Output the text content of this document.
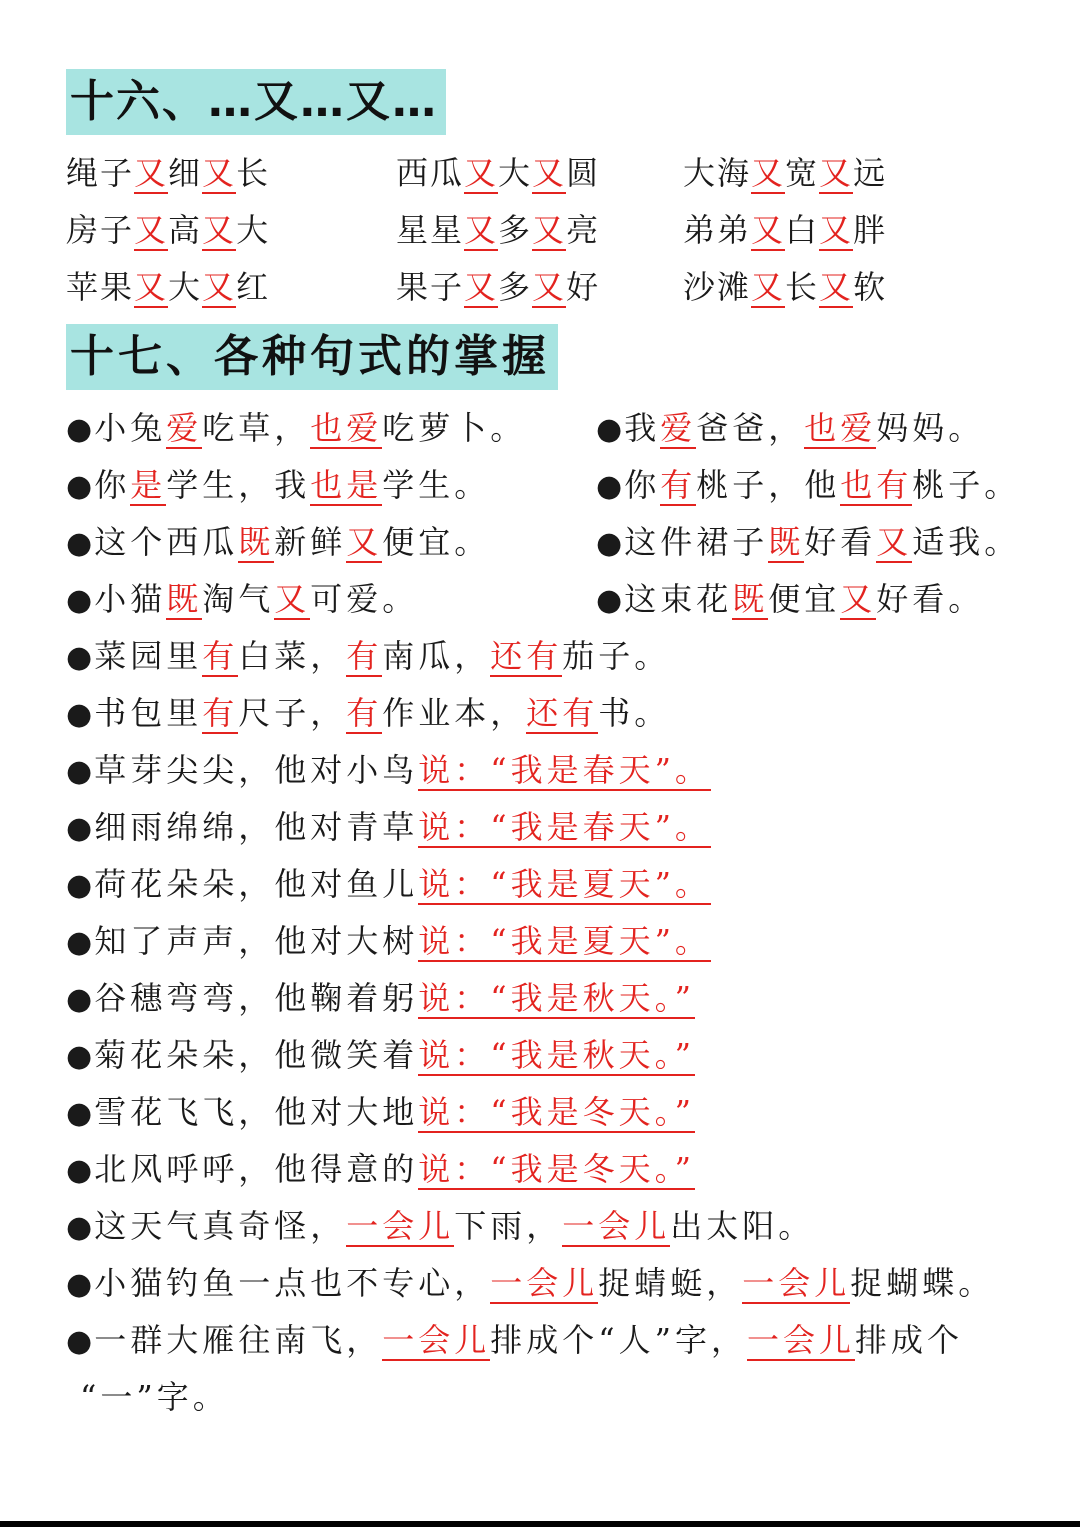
十六、…又…又…
绳子又细又长	西瓜又大又圆	大海又宽又远
房子又高又大	星星又多又亮	弟弟又白又胖
苹果又大又红	果子又多又好	沙滩又长又软
十七、各种句式的掌握
●小兔爱吃草，也爱吃萝卜。 ●我爱爸爸，也爱妈妈。
●你是学生，我也是学生。	●你有桃子，他也有桃子。
●这个西瓜既新鲜又便宜。	●这件裙子既好看又适我。
●小猫既淘气又可爱。	●这束花既便宜又好看。
●菜园里有白菜，有南瓜，还有茄子。
●书包里有尺子，有作业本，还有书。
●草芽尖尖，他对小鸟说：“我是春天”。
●细雨绵绵，他对青草说：“我是春天”。
●荷花朵朵，他对鱼儿说：“我是夏天”。
●知了声声，他对大树说：“我是夏天”。
●谷穗弯弯，他鞠着躬说：“我是秋天。”
●菊花朵朵，他微笑着说：“我是秋天。”
●雪花飞飞，他对大地说：“我是冬天。”
●北风呼呼，他得意的说：“我是冬天。”
●这天气真奇怪，一会儿下雨，一会儿出太阳。
●小猫钓鱼一点也不专心，一会儿捉蜻蜓，一会儿捉蝴蝶。
●一群大雁往南飞，一会儿排成个“人”字，一会儿排成个
“一”字。
